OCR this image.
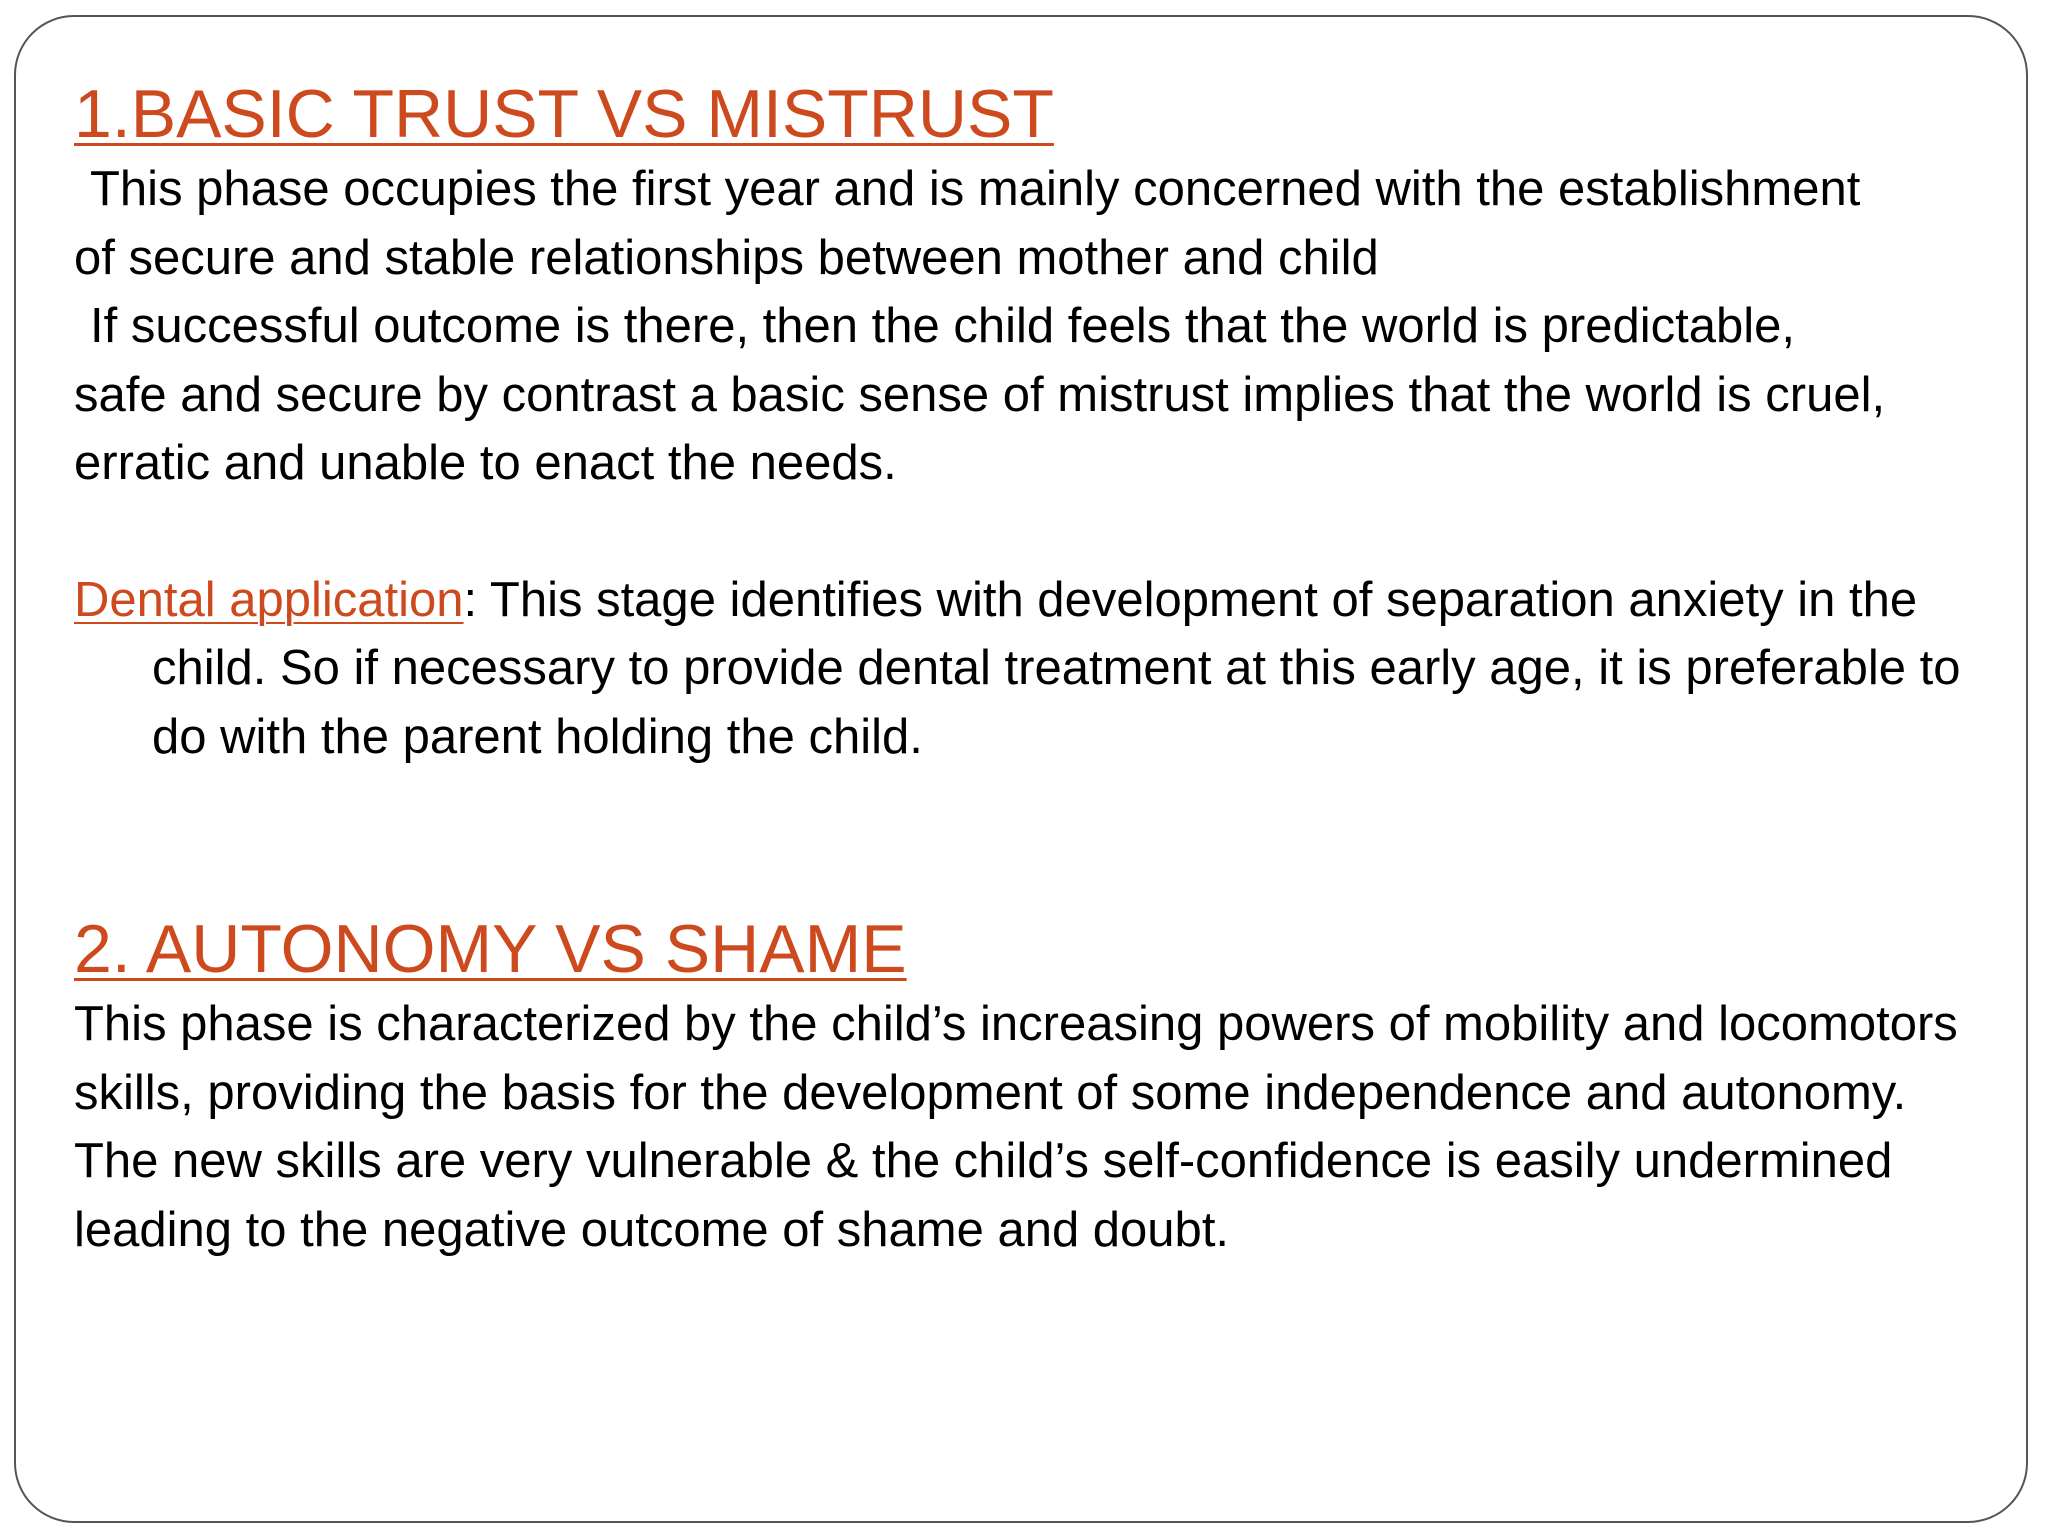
1.BASIC TRUST VS MISTRUST
This phase occupies the first year and is mainly concerned with the establishment
of secure and stable relationships between mother and child
If successful outcome is there, then the child feels that the world is predictable,
safe and secure by contrast a basic sense of mistrust implies that the world is cruel,
erratic and unable to enact the needs.
Dental application: This stage identifies with development of separation anxiety in the child. So if necessary to provide dental treatment at this early age, it is preferable to do with the parent holding the child.
2. AUTONOMY VS SHAME
This phase is characterized by the child’s increasing powers of mobility and locomotors skills, providing the basis for the development of some independence and autonomy. The new skills are very vulnerable & the child’s self-confidence is easily undermined leading to the negative outcome of shame and doubt.
